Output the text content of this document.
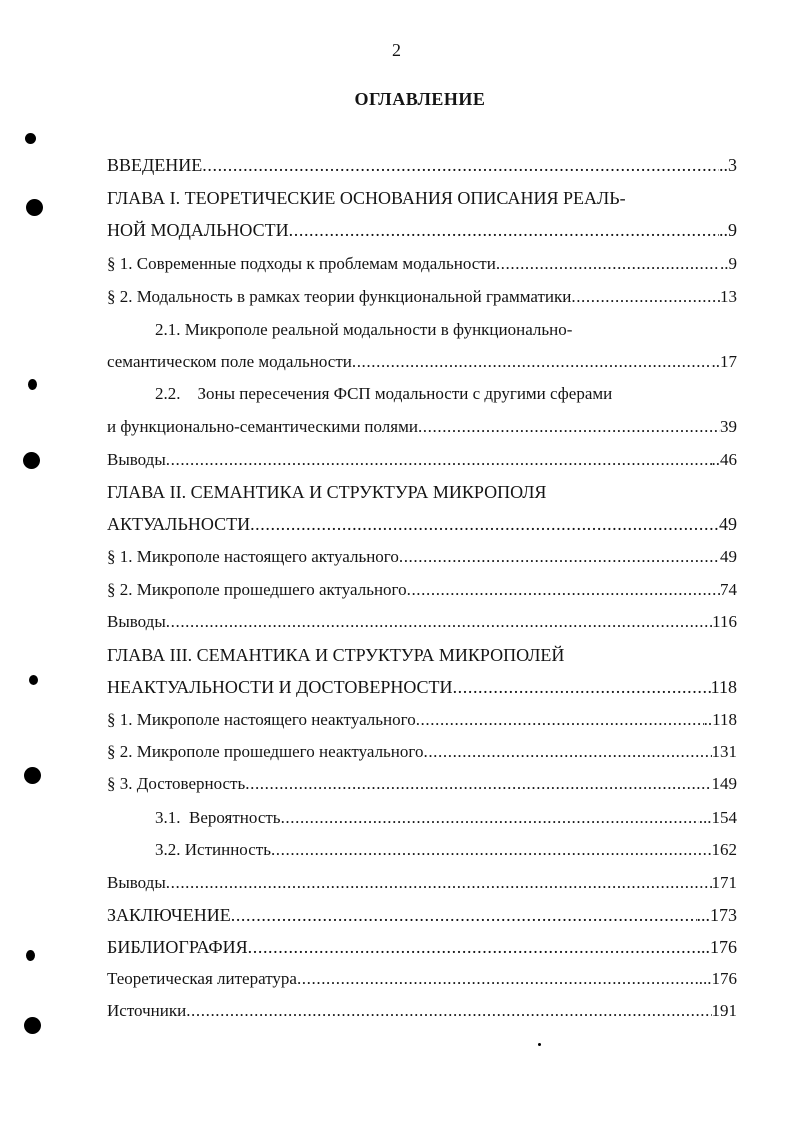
2
ОГЛАВЛЕНИЕ
ВВЕДЕНИЕ .....	..3
ГЛАВА I. ТЕОРЕТИЧЕСКИЕ ОСНОВАНИЯ ОПИСАНИЯ РЕАЛЬ-
НОЙ МОДАЛЬНОСТИ .....	..9
§ 1. Современные подходы к проблемам модальности .....	..9
§ 2. Модальность в рамках теории функциональной грамматики .....	13
2.1. Микрополе реальной модальности в функционально-
семантическом поле модальности .....	..17
2.2.    Зоны пересечения ФСП модальности с другими сферами
и функционально-семантическими полями .....	39
Выводы .....	..46
ГЛАВА II. СЕМАНТИКА И СТРУКТУРА МИКРОПОЛЯ
АКТУАЛЬНОСТИ .....	49
§ 1. Микрополе настоящего актуального .....	49
§ 2. Микрополе прошедшего актуального .....	74
Выводы .....	116
ГЛАВА III. СЕМАНТИКА И СТРУКТУРА МИКРОПОЛЕЙ
НЕАКТУАЛЬНОСТИ И ДОСТОВЕРНОСТИ .....	118
§ 1. Микрополе настоящего неактуального .....	..118
§ 2. Микрополе прошедшего неактуального .....	131
§ 3. Достоверность .....	149
3.1.  Вероятность .....	...154
3.2. Истинность .....	162
Выводы .....	171
ЗАКЛЮЧЕНИЕ .....	...173
БИБЛИОГРАФИЯ .....	...176
Теоретическая литература .....	...176
Источники .....	191
